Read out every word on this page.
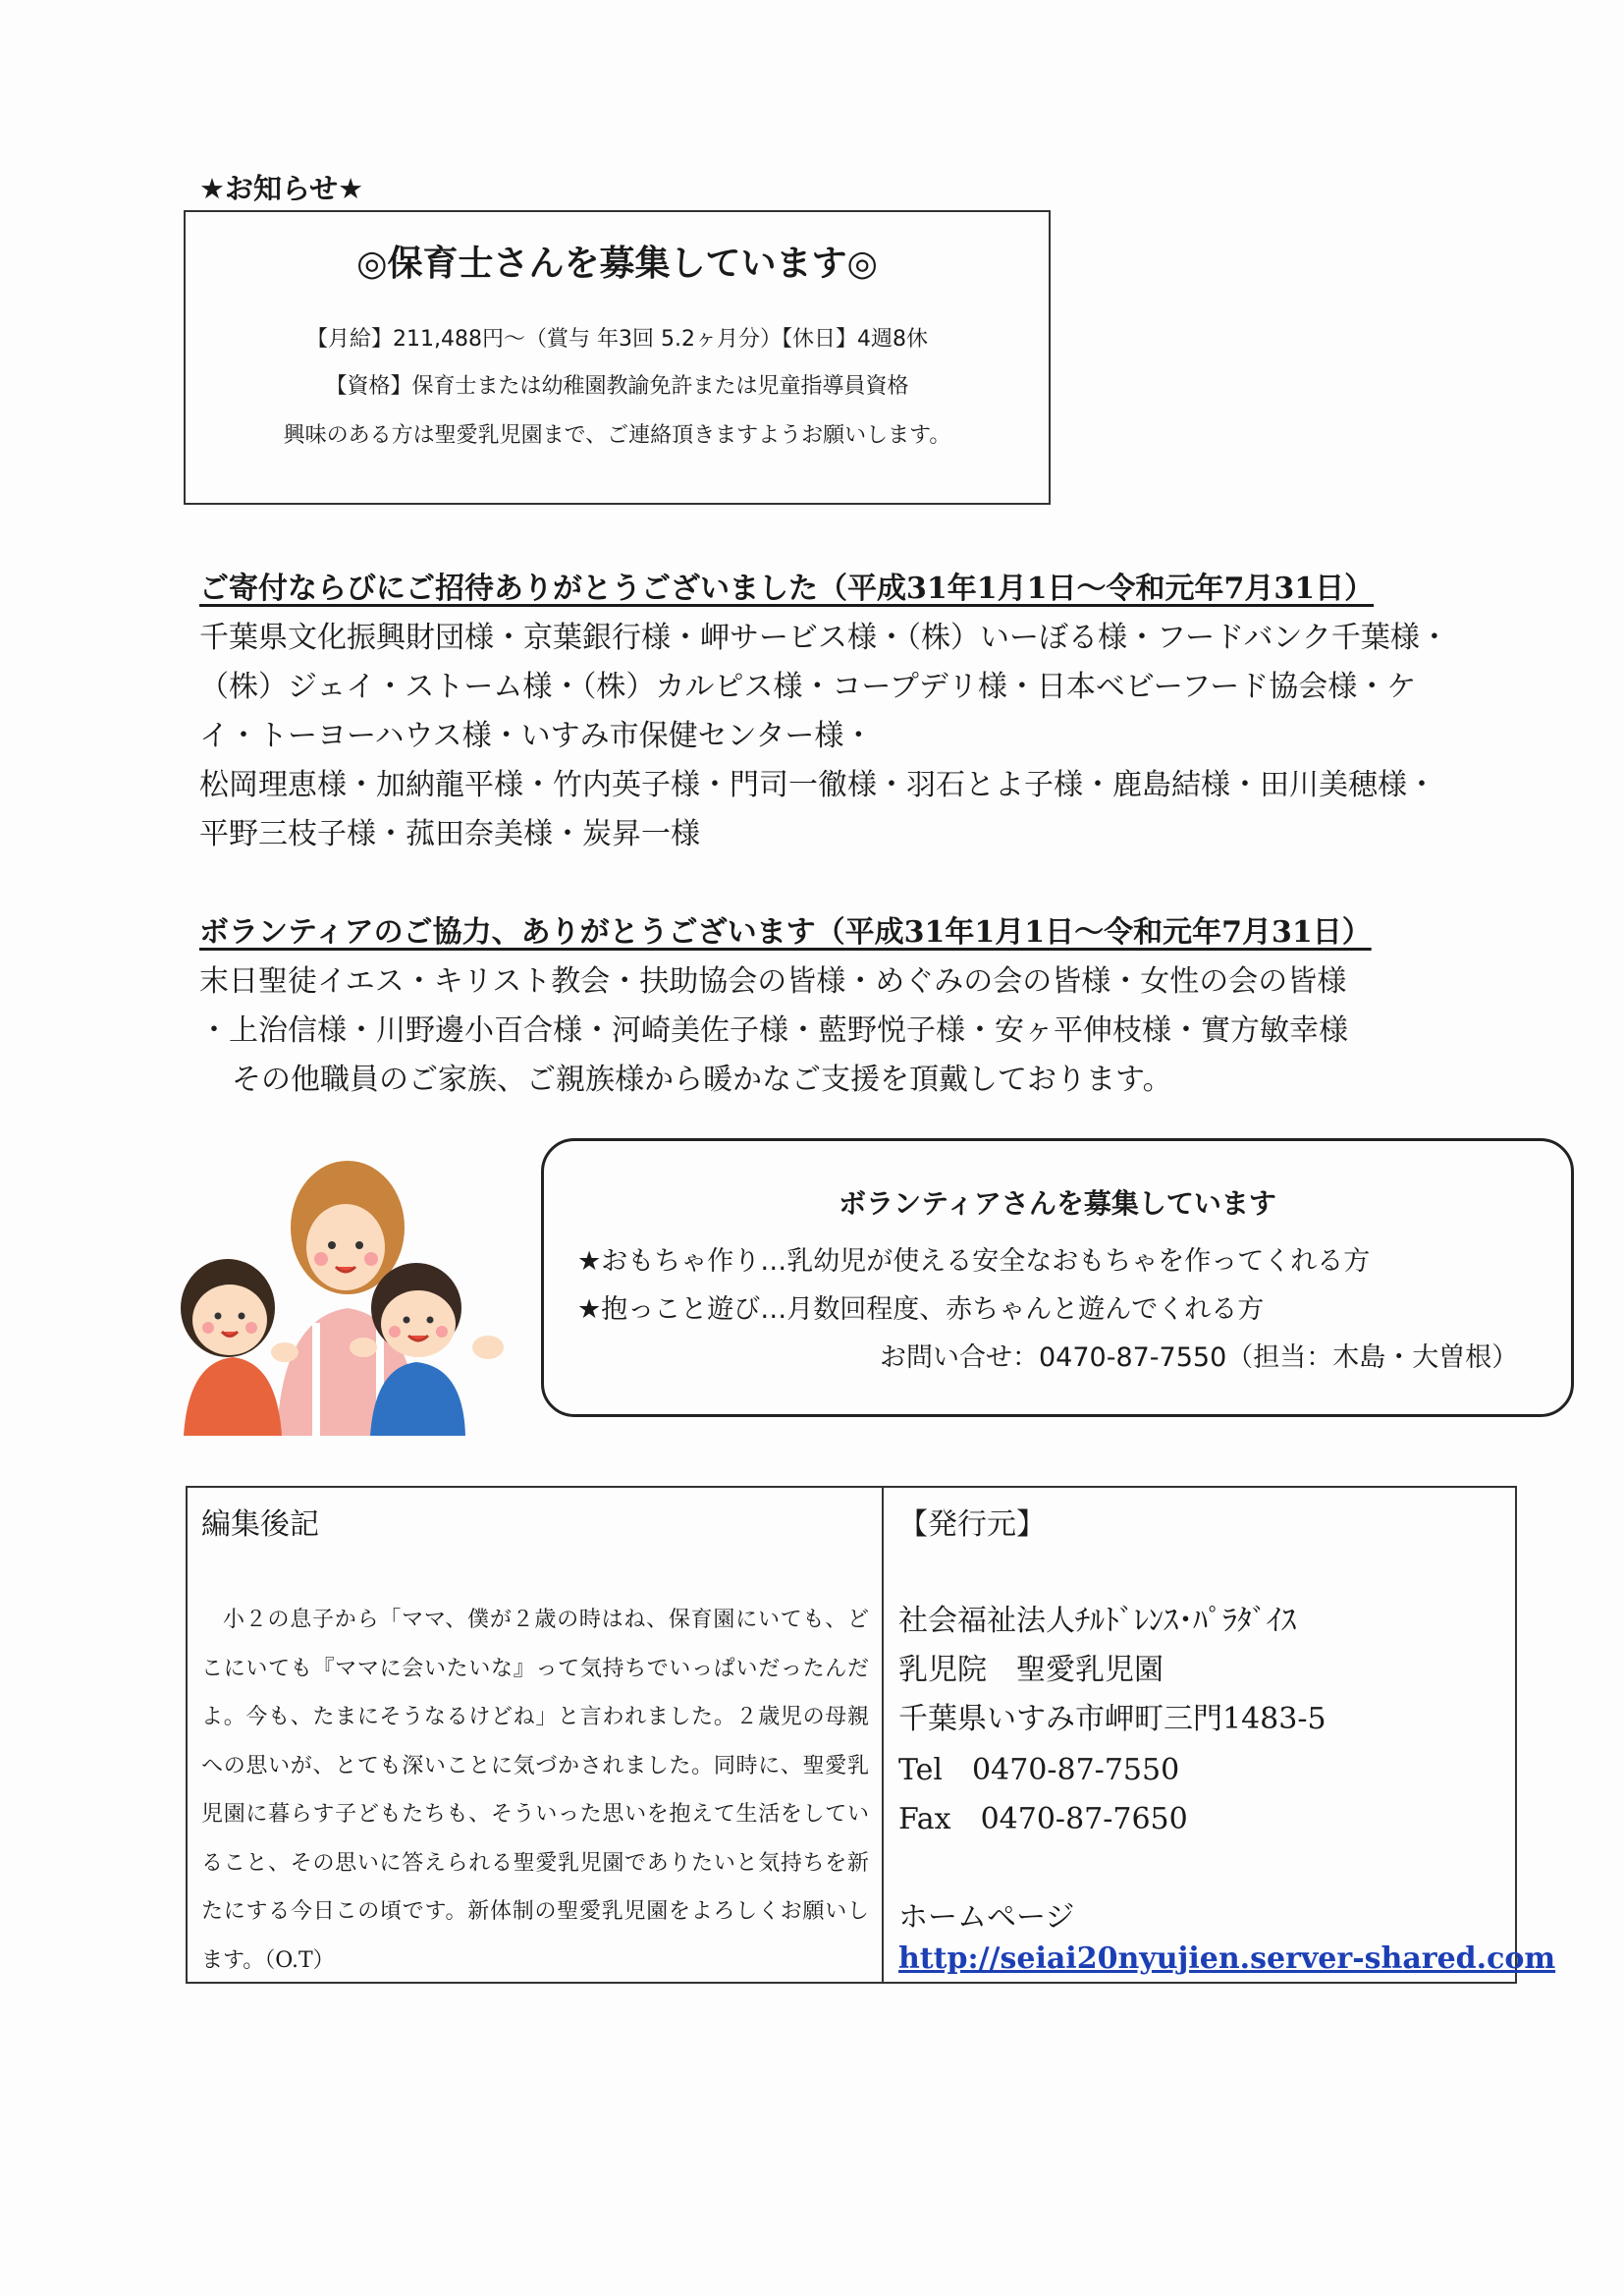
★お知らせ★
◎保育士さんを募集しています◎
【月給】211,488円～（賞与 年3回 5.2ヶ月分）【休日】4週8休
【資格】保育士または幼稚園教諭免許または児童指導員資格
興味のある方は聖愛乳児園まで、ご連絡頂きますようお願いします。
ご寄付ならびにご招待ありがとうございました（平成31年1月1日～令和元年7月31日）
千葉県文化振興財団様・京葉銀行様・岬サービス様・（株）いーぼる様・フードバンク千葉様・
（株）ジェイ・ストーム様・（株）カルピス様・コープデリ様・日本ベビーフード協会様・ケ
イ・トーヨーハウス様・いすみ市保健センター様・
松岡理恵様・加納龍平様・竹内英子様・門司一徹様・羽石とよ子様・鹿島結様・田川美穂様・
平野三枝子様・菰田奈美様・炭昇一様
ボランティアのご協力、ありがとうございます（平成31年1月1日～令和元年7月31日）
末日聖徒イエス・キリスト教会・扶助協会の皆様・めぐみの会の皆様・女性の会の皆様
・上治信様・川野邊小百合様・河崎美佐子様・藍野悦子様・安ヶ平伸枝様・實方敏幸様
その他職員のご家族、ご親族様から暖かなご支援を頂戴しております。
ボランティアさんを募集しています
★おもちゃ作り…乳幼児が使える安全なおもちゃを作ってくれる方
★抱っこと遊び…月数回程度、赤ちゃんと遊んでくれる方
お問い合せ：0470-87-7550（担当：木島・大曽根）
編集後記
小２の息子から「ママ、僕が２歳の時はね、保育園にいても、どこにいても『ママに会いたいな』って気持ちでいっぱいだったんだよ。今も、たまにそうなるけどね」と言われました。２歳児の母親への思いが、とても深いことに気づかされました。同時に、聖愛乳児園に暮らす子どもたちも、そういった思いを抱えて生活をしていること、その思いに答えられる聖愛乳児園でありたいと気持ちを新たにする今日この頃です。新体制の聖愛乳児園をよろしくお願いします。（O.T）
【発行元】
社会福祉法人ﾁﾙﾄﾞﾚﾝｽ･ﾊﾟﾗﾀﾞｲｽ
乳児院　聖愛乳児園
千葉県いすみ市岬町三門1483-5
Tel　0470-87-7550
Fax　0470-87-7650
ホームページ
http://seiai20nyujien.server-shared.com
